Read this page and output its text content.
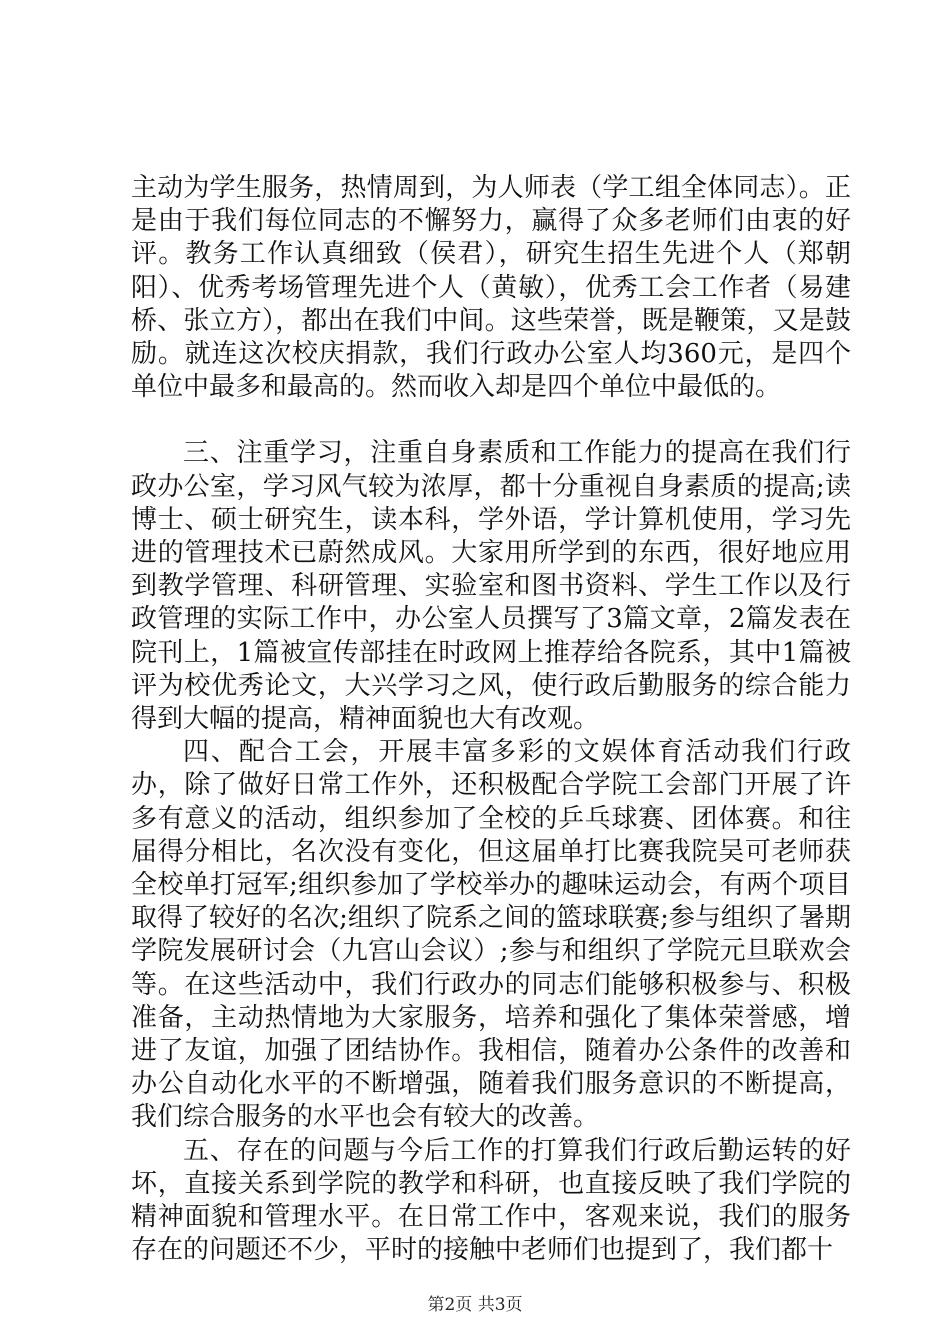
主动为学生服务，热情周到，为人师表（学工组全体同志）。正是由于我们每位同志的不懈努力，赢得了众多老师们由衷的好评。教务工作认真细致（侯君），研究生招生先进个人（郑朝阳）、优秀考场管理先进个人（黄敏），优秀工会工作者（易建桥、张立方），都出在我们中间。这些荣誉，既是鞭策，又是鼓励。就连这次校庆捐款，我们行政办公室人均360元，是四个单位中最多和最高的。然而收入却是四个单位中最低的。

三、注重学习，注重自身素质和工作能力的提高在我们行政办公室，学习风气较为浓厚，都十分重视自身素质的提高;读博士、硕士研究生，读本科，学外语，学计算机使用，学习先进的管理技术已蔚然成风。大家用所学到的东西，很好地应用到教学管理、科研管理、实验室和图书资料、学生工作以及行政管理的实际工作中，办公室人员撰写了3篇文章，2篇发表在院刊上，1篇被宣传部挂在时政网上推荐给各院系，其中1篇被评为校优秀论文，大兴学习之风，使行政后勤服务的综合能力得到大幅的提高，精神面貌也大有改观。

四、配合工会，开展丰富多彩的文娱体育活动我们行政办，除了做好日常工作外，还积极配合学院工会部门开展了许多有意义的活动，组织参加了全校的乒乓球赛、团体赛。和往届得分相比，名次没有变化，但这届单打比赛我院吴可老师获全校单打冠军;组织参加了学校举办的趣味运动会，有两个项目取得了较好的名次;组织了院系之间的篮球联赛;参与组织了暑期学院发展研讨会（九宫山会议）;参与和组织了学院元旦联欢会等。在这些活动中，我们行政办的同志们能够积极参与、积极准备，主动热情地为大家服务，培养和强化了集体荣誉感，增进了友谊，加强了团结协作。我相信，随着办公条件的改善和办公自动化水平的不断增强，随着我们服务意识的不断提高，我们综合服务的水平也会有较大的改善。

五、存在的问题与今后工作的打算我们行政后勤运转的好坏，直接关系到学院的教学和科研，也直接反映了我们学院的精神面貌和管理水平。在日常工作中，客观来说，我们的服务存在的问题还不少，平时的接触中老师们也提到了，我们都十

第2页 共3页
